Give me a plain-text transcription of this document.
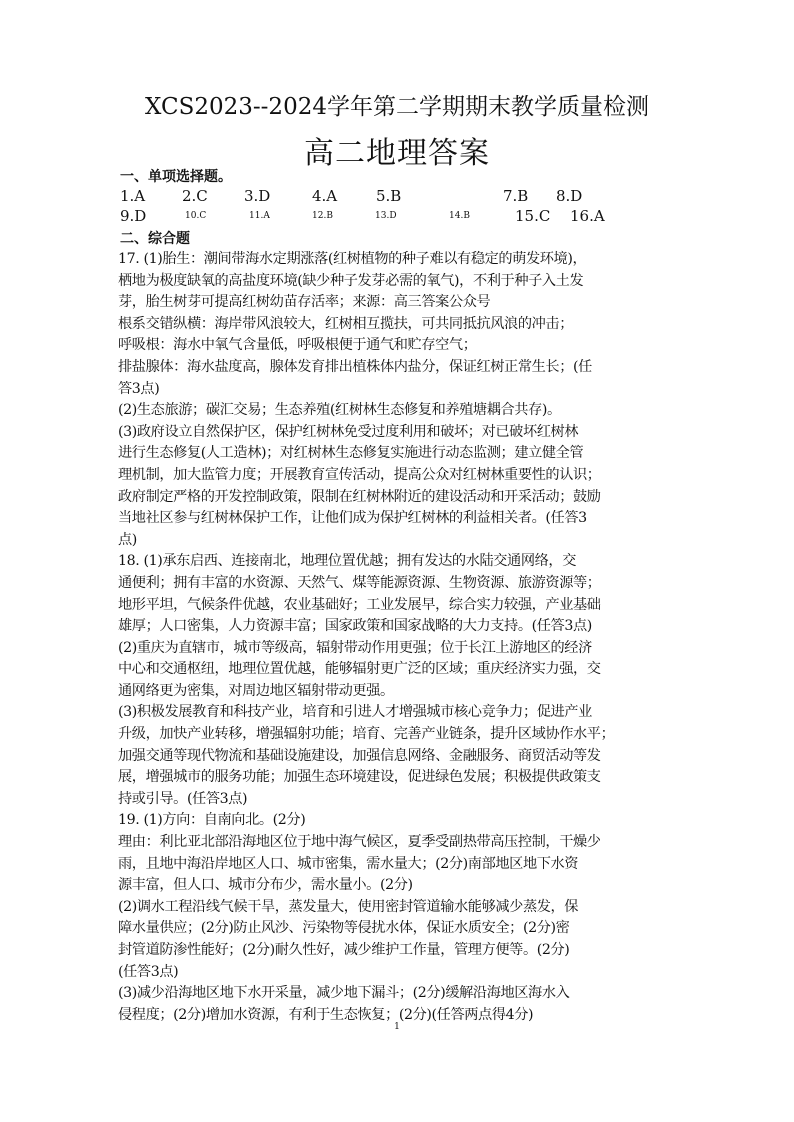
XCS2023--2024学年第二学期期末教学质量检测
高二地理答案
一、单项选择题。
1.A 2.C 3.D	4.A	5.B	7.B 8.D
9.D	10.C	11.A	12.B	13.D	14.B	15.C 16.A
二、综合题

17. (1)胎生：潮间带海水定期涨落(红树植物的种子难以有稳定的萌发环境)，

栖地为极度缺氧的高盐度环境(缺少种子发芽必需的氧气)，不利于种子入土发

芽，胎生树芽可提高红树幼苗存活率；来源：高三答案公众号

根系交错纵横：海岸带风浪较大，红树相互揽扶，可共同抵抗风浪的冲击；

呼吸根：海水中氧气含量低，呼吸根便于通气和贮存空气；

排盐腺体：海水盐度高，腺体发育排出植株体内盐分，保证红树正常生长；(任

答3点)

(2)生态旅游；碳汇交易；生态养殖(红树林生态修复和养殖塘耦合共存)。

(3)政府设立自然保护区，保护红树林免受过度利用和破坏；对已破坏红树林

进行生态修复(人工造林)；对红树林生态修复实施进行动态监测；建立健全管

理机制，加大监管力度；开展教育宣传活动，提高公众对红树林重要性的认识；

政府制定严格的开发控制政策，限制在红树林附近的建设活动和开采活动；鼓励

当地社区参与红树林保护工作，让他们成为保护红树林的利益相关者。(任答3

点)

18. (1)承东启西、连接南北，地理位置优越；拥有发达的水陆交通网络，交

通便利；拥有丰富的水资源、天然气、煤等能源资源、生物资源、旅游资源等；

地形平坦，气候条件优越，农业基础好；工业发展早，综合实力较强，产业基础

雄厚；人口密集，人力资源丰富；国家政策和国家战略的大力支持。(任答3点)

(2)重庆为直辖市，城市等级高，辐射带动作用更强；位于长江上游地区的经济

中心和交通枢纽，地理位置优越，能够辐射更广泛的区域；重庆经济实力强，交

通网络更为密集，对周边地区辐射带动更强。

(3)积极发展教育和科技产业，培育和引进人才增强城市核心竞争力；促进产业

升级，加快产业转移，增强辐射功能；培育、完善产业链条，提升区域协作水平；

加强交通等现代物流和基础设施建设，加强信息网络、金融服务、商贸活动等发

展，增强城市的服务功能；加强生态环境建设，促进绿色发展；积极提供政策支

持或引导。(任答3点)

19. (1)方向：自南向北。(2分)

理由：利比亚北部沿海地区位于地中海气候区，夏季受副热带高压控制，干燥少

雨，且地中海沿岸地区人口、城市密集，需水量大；(2分)南部地区地下水资

源丰富，但人口、城市分布少，需水量小。(2分)

(2)调水工程沿线气候干旱，蒸发量大，使用密封管道输水能够减少蒸发，保

障水量供应；(2分)防止风沙、污染物等侵扰水体，保证水质安全；(2分)密

封管道防渗性能好；(2分)耐久性好，减少维护工作量，管理方便等。(2分)

(任答3点)

(3)减少沿海地区地下水开采量，减少地下漏斗；(2分)缓解沿海地区海水入

侵程度；(2分)增加水资源，有利于生态恢复；(2分)(任答两点得4分)

1
